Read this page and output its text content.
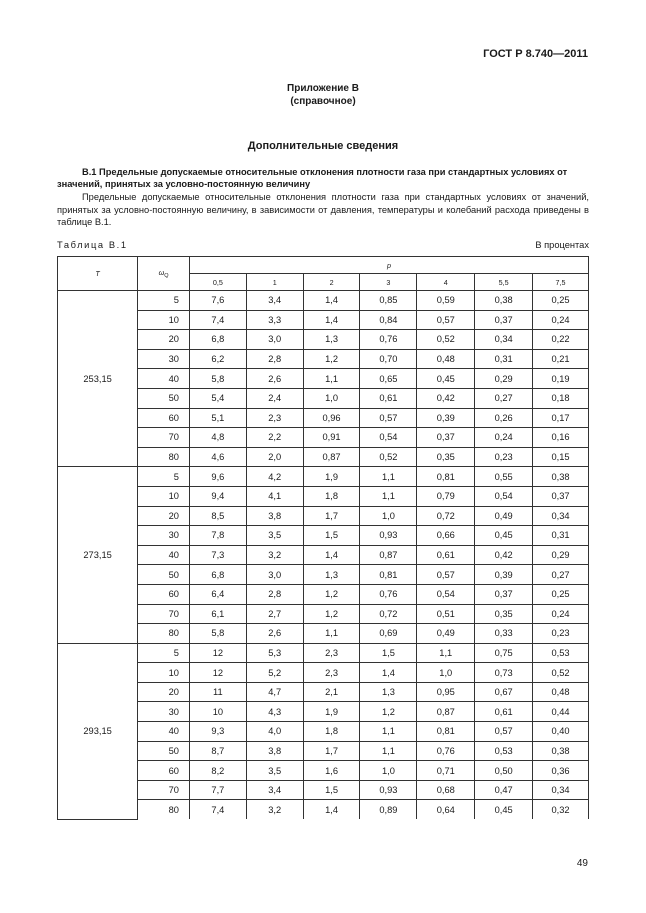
ГОСТ Р 8.740—2011
Приложение В
(справочное)
Дополнительные сведения
В.1 Предельные допускаемые относительные отклонения плотности газа при стандартных условиях от значений, принятых за условно-постоянную величину
Предельные допускаемые относительные отклонения плотности газа при стандартных условиях от значений, принятых за условно-постоянную величину, в зависимости от давления, температуры и колебаний расхода приведены в таблице В.1.
Таблица В.1	В процентах
T	$\omega_Q$	p						
		0,5	1	2	3	4	5,5	7,5
253,15	5	7,6	3,4	1,4	0,85	0,59	0,38	0,25
	10	7,4	3,3	1,4	0,84	0,57	0,37	0,24
	20	6,8	3,0	1,3	0,76	0,52	0,34	0,22
	30	6,2	2,8	1,2	0,70	0,48	0,31	0,21
	40	5,8	2,6	1,1	0,65	0,45	0,29	0,19
	50	5,4	2,4	1,0	0,61	0,42	0,27	0,18
	60	5,1	2,3	0,96	0,57	0,39	0,26	0,17
	70	4,8	2,2	0,91	0,54	0,37	0,24	0,16
	80	4,6	2,0	0,87	0,52	0,35	0,23	0,15
273,15	5	9,6	4,2	1,9	1,1	0,81	0,55	0,38
	10	9,4	4,1	1,8	1,1	0,79	0,54	0,37
	20	8,5	3,8	1,7	1,0	0,72	0,49	0,34
	30	7,8	3,5	1,5	0,93	0,66	0,45	0,31
	40	7,3	3,2	1,4	0,87	0,61	0,42	0,29
	50	6,8	3,0	1,3	0,81	0,57	0,39	0,27
	60	6,4	2,8	1,2	0,76	0,54	0,37	0,25
	70	6,1	2,7	1,2	0,72	0,51	0,35	0,24
	80	5,8	2,6	1,1	0,69	0,49	0,33	0,23
293,15	5	12	5,3	2,3	1,5	1,1	0,75	0,53
	10	12	5,2	2,3	1,4	1,0	0,73	0,52
	20	11	4,7	2,1	1,3	0,95	0,67	0,48
	30	10	4,3	1,9	1,2	0,87	0,61	0,44
	40	9,3	4,0	1,8	1,1	0,81	0,57	0,40
	50	8,7	3,8	1,7	1,1	0,76	0,53	0,38
	60	8,2	3,5	1,6	1,0	0,71	0,50	0,36
	70	7,7	3,4	1,5	0,93	0,68	0,47	0,34
	80	7,4	3,2	1,4	0,89	0,64	0,45	0,32
49
